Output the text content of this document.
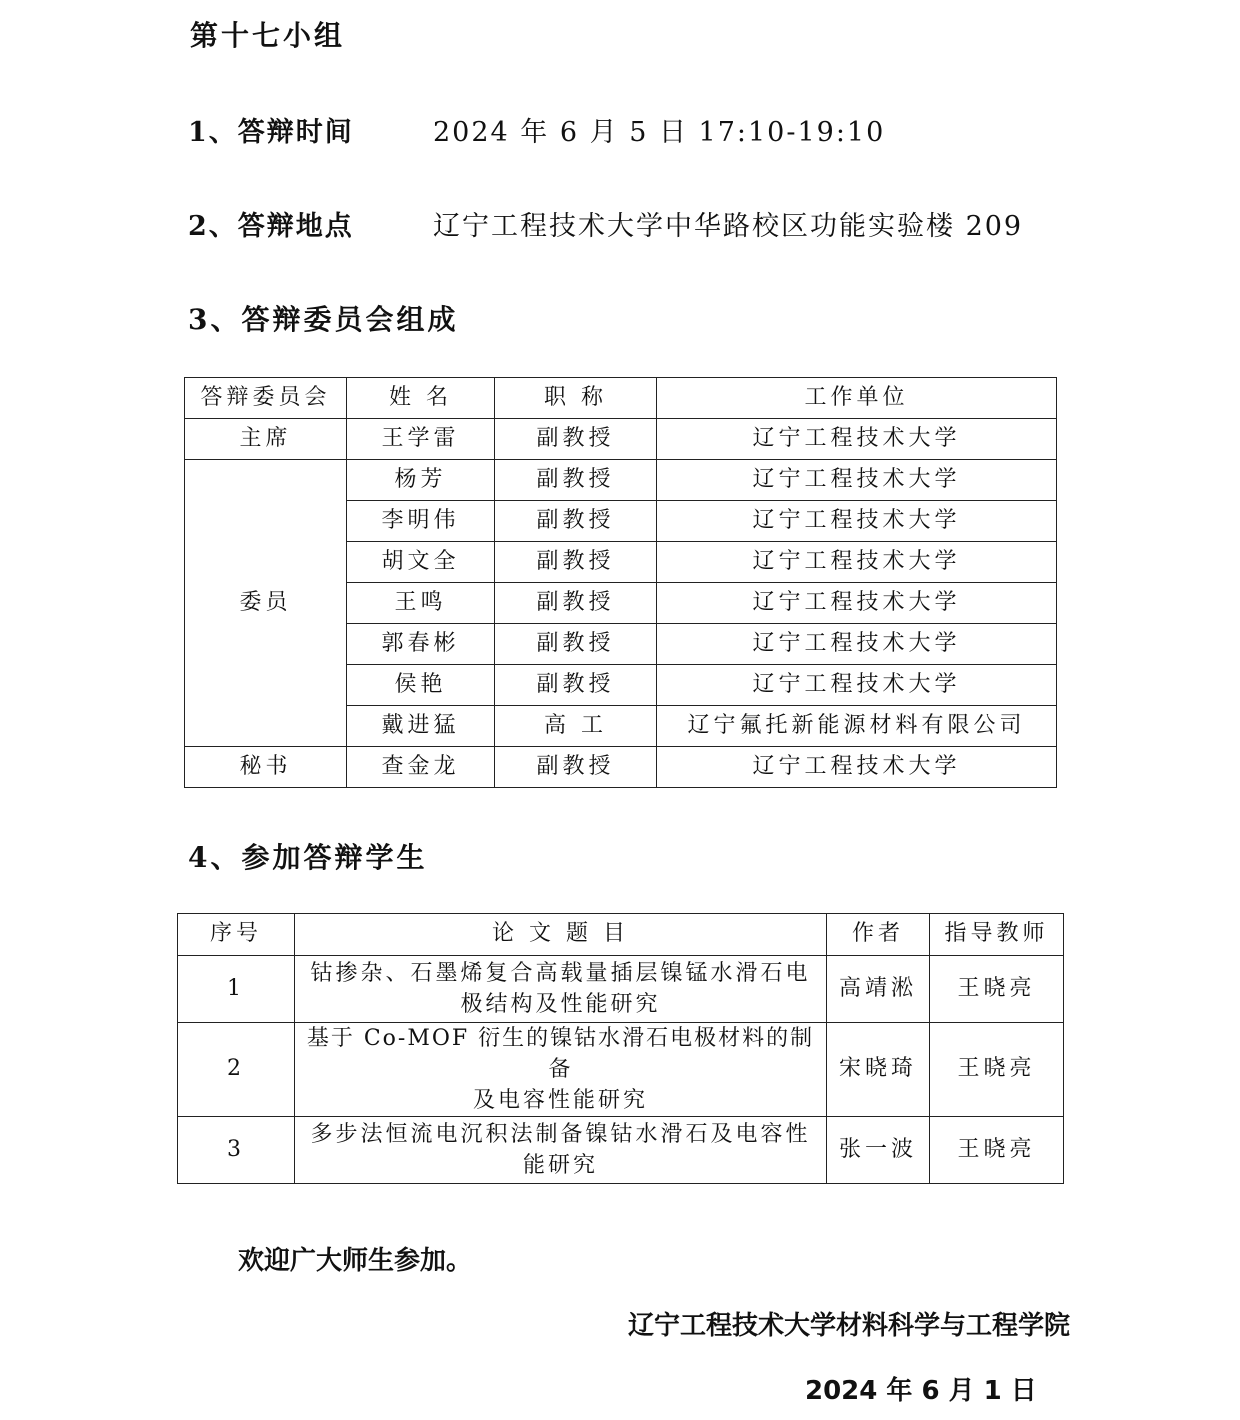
第十七小组
1、答辩时间	2024 年 6 月 5 日 17:10-19:10
2、答辩地点	辽宁工程技术大学中华路校区功能实验楼 209
3、答辩委员会组成
答辩委员会	姓 名	职 称	工作单位
主席	王学雷	副教授	辽宁工程技术大学
委员	杨芳	副教授	辽宁工程技术大学
	李明伟	副教授	辽宁工程技术大学
	胡文全	副教授	辽宁工程技术大学
	王鸣	副教授	辽宁工程技术大学
	郭春彬	副教授	辽宁工程技术大学
	侯艳	副教授	辽宁工程技术大学
	戴进猛	高 工	辽宁氟托新能源材料有限公司
秘书	查金龙	副教授	辽宁工程技术大学
4、参加答辩学生
序号	论 文 题 目	作者	指导教师
1	钴掺杂、石墨烯复合高载量插层镍锰水滑石电
极结构及性能研究	高靖淞	王晓亮
2	基于 Co-MOF 衍生的镍钴水滑石电极材料的制备
及电容性能研究	宋晓琦	王晓亮
3	多步法恒流电沉积法制备镍钴水滑石及电容性
能研究	张一波	王晓亮
欢迎广大师生参加。
辽宁工程技术大学材料科学与工程学院
2024 年 6 月 1 日
